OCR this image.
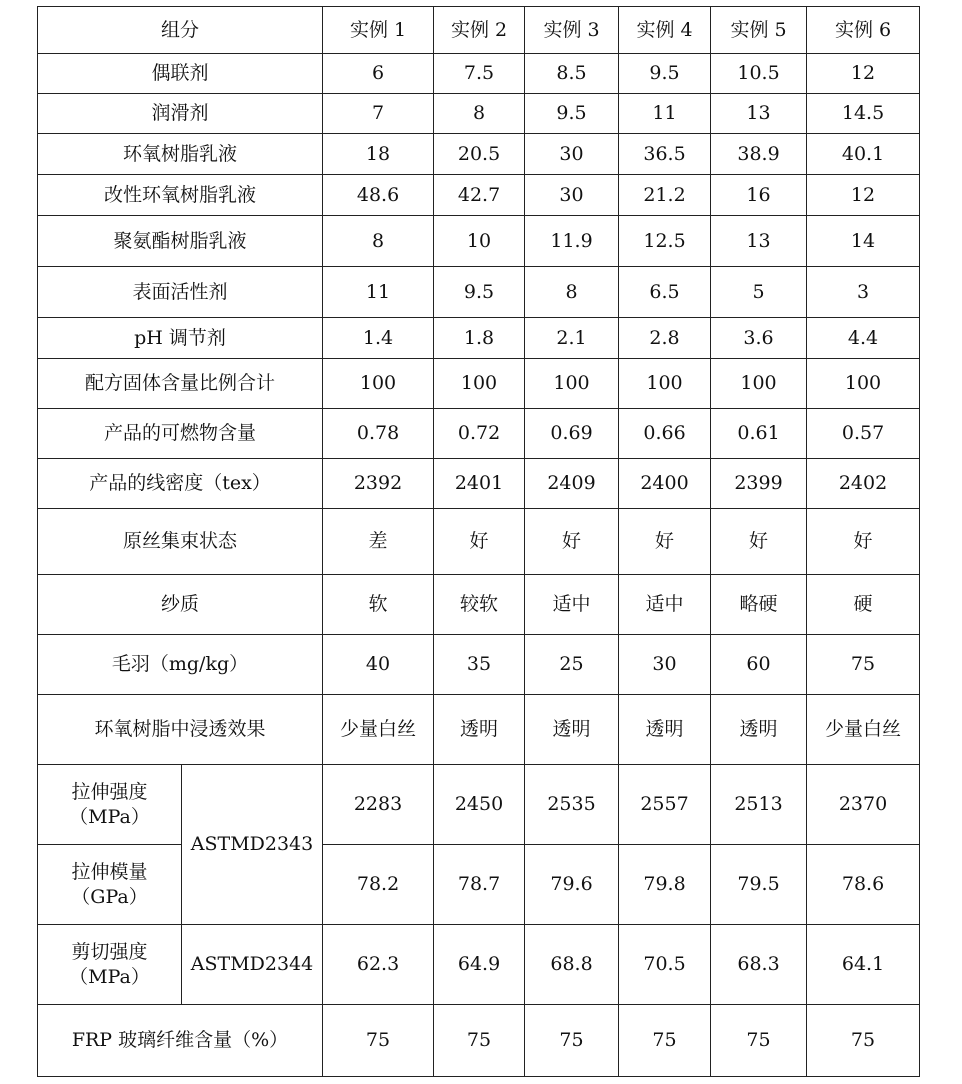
组分		实例 1	实例 2	实例 3	实例 4	实例 5	实例 6
偶联剂		6	7.5	8.5	9.5	10.5	12
润滑剂		7	8	9.5	11	13	14.5
环氧树脂乳液		18	20.5	30	36.5	38.9	40.1
改性环氧树脂乳液		48.6	42.7	30	21.2	16	12
聚氨酯树脂乳液		8	10	11.9	12.5	13	14
表面活性剂		11	9.5	8	6.5	5	3
pH 调节剂		1.4	1.8	2.1	2.8	3.6	4.4
配方固体含量比例合计		100	100	100	100	100	100
产品的可燃物含量		0.78	0.72	0.69	0.66	0.61	0.57
产品的线密度（tex）		2392	2401	2409	2400	2399	2402
原丝集束状态		差	好	好	好	好	好
纱质		软	较软	适中	适中	略硬	硬
毛羽（mg/kg）		40	35	25	30	60	75
环氧树脂中浸透效果		少量白丝	透明	透明	透明	透明	少量白丝
拉伸强度
（MPa）	ASTMD2343	2283	2450	2535	2557	2513	2370
拉伸模量
（GPa）		78.2	78.7	79.6	79.8	79.5	78.6
剪切强度
（MPa）	ASTMD2344	62.3	64.9	68.8	70.5	68.3	64.1
FRP 玻璃纤维含量（%）		75	75	75	75	75	75
